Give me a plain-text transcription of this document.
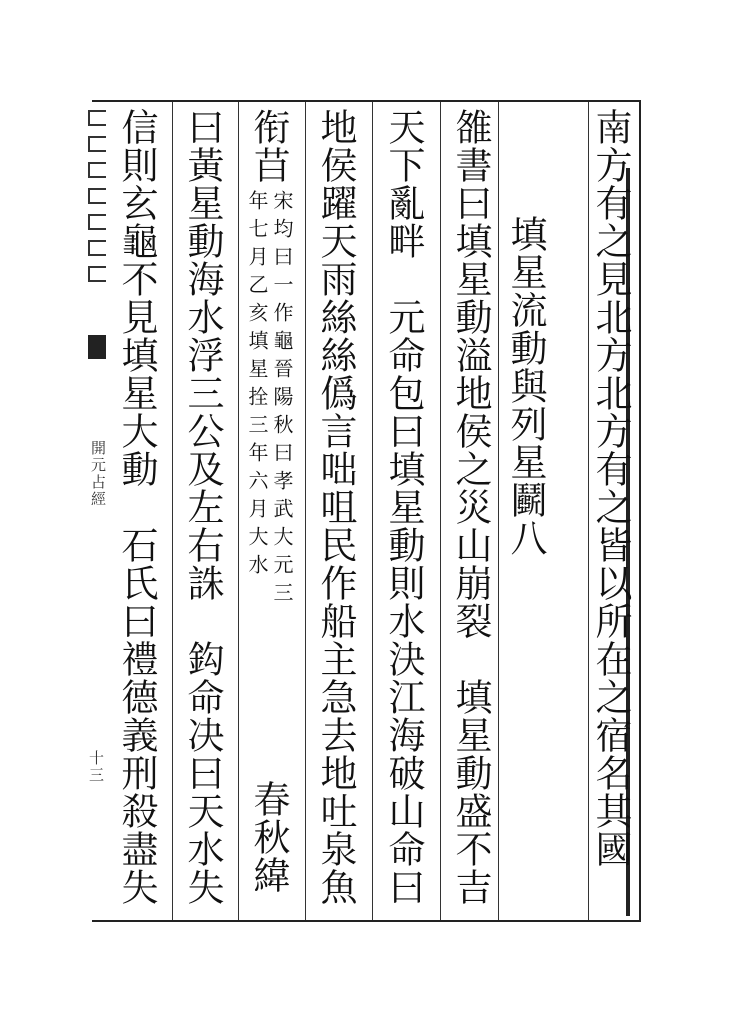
南方有之見北方北方有之皆以所在之宿名其國
填星流動與列星鬬八
雒書曰填星動溢地侯之災山崩裂　填星動盛不吉
天下亂畔　元命包曰填星動則水決江海破山命曰
地侯躍天雨絲絲僞言咄咀民作船主急去地吐泉魚
衔䒤
年七月乙亥填星拴三年六月大水 宋均曰一作龜晉陽秋曰孝武大元三
春秋緯
曰黃星動海水浮三公及左右誅　鈎命决曰天水失
信則玄龜不見填星大動　石氏曰禮德義刑殺盡失
開元占經
十三
